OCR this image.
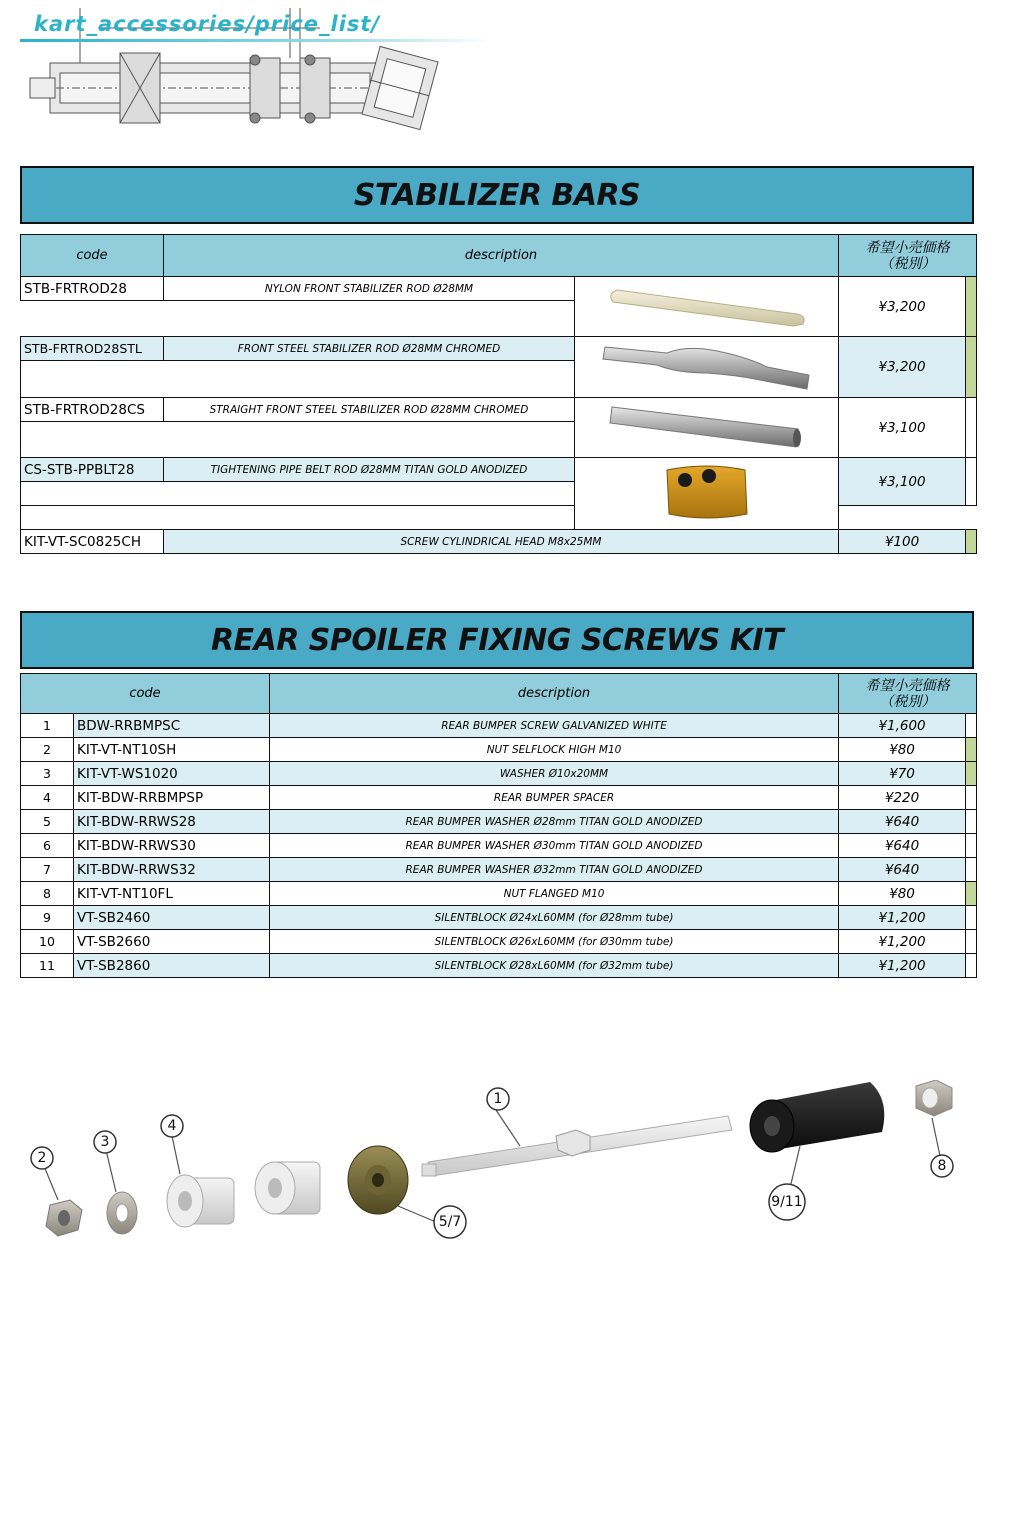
kart_accessories/price_list/
STABILIZER BARS
code	description		希望小売価格
（税別）	

STB-FRTROD28	NYLON FRONT STABILIZER ROD Ø28MM		¥3,200	

STB-FRTROD28STL	FRONT STEEL STABILIZER ROD Ø28MM CHROMED		¥3,200	

STB-FRTROD28CS	STRAIGHT FRONT STEEL STABILIZER ROD Ø28MM CHROMED		¥3,100	

CS-STB-PPBLT28	TIGHTENING PIPE BELT ROD Ø28MM TITAN GOLD ANODIZED		¥3,100	

KIT-VT-SC0825CH	SCREW CYLINDRICAL HEAD M8x25MM		¥100	
REAR SPOILER FIXING SCREWS KIT
code		description	希望小売価格
（税別）	

1	BDW-RRBMPSC	REAR BUMPER SCREW GALVANIZED WHITE	¥1,600	
2	KIT-VT-NT10SH	NUT SELFLOCK HIGH M10	¥80	
3	KIT-VT-WS1020	WASHER Ø10x20MM	¥70	
4	KIT-BDW-RRBMPSP	REAR BUMPER SPACER	¥220	
5	KIT-BDW-RRWS28	REAR BUMPER WASHER Ø28mm TITAN GOLD ANODIZED	¥640	
6	KIT-BDW-RRWS30	REAR BUMPER WASHER Ø30mm TITAN GOLD ANODIZED	¥640	
7	KIT-BDW-RRWS32	REAR BUMPER WASHER Ø32mm TITAN GOLD ANODIZED	¥640	
8	KIT-VT-NT10FL	NUT FLANGED M10	¥80	
9	VT-SB2460	SILENTBLOCK Ø24xL60MM (for Ø28mm tube)	¥1,200	
10	VT-SB2660	SILENTBLOCK Ø26xL60MM (for Ø30mm tube)	¥1,200	
11	VT-SB2860	SILENTBLOCK Ø28xL60MM (for Ø32mm tube)	¥1,200	
1
2
3
4
5/7
8
9/11
